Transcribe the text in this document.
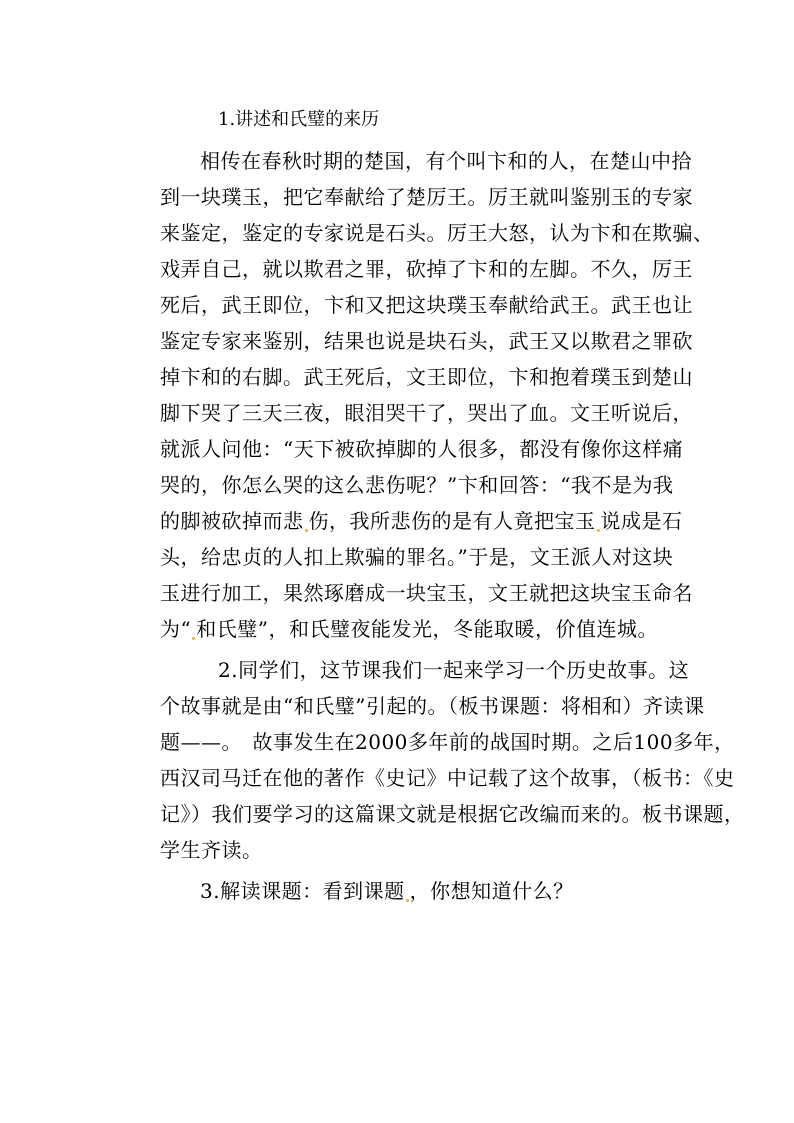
1.讲述和氏璧的来历
相传在春秋时期的楚国，有个叫卞和的人，在楚山中拾
到一块璞玉，把它奉献给了楚厉王。厉王就叫鉴别玉的专家
来鉴定，鉴定的专家说是石头。厉王大怒，认为卞和在欺骗、
戏弄自己，就以欺君之罪，砍掉了卞和的左脚。不久，厉王
死后，武王即位，卞和又把这块璞玉奉献给武王。武王也让
鉴定专家来鉴别，结果也说是块石头，武王又以欺君之罪砍
掉卞和的右脚。武王死后，文王即位，卞和抱着璞玉到楚山
脚下哭了三天三夜，眼泪哭干了，哭出了血。文王听说后，
就派人问他：“天下被砍掉脚的人很多，都没有像你这样痛
哭的，你怎么哭的这么悲伤呢？”卞和回答：“我不是为我
的脚被砍掉而悲 伤，我所悲伤的是有人竟把宝玉 说成是石
头，给忠贞的人扣上欺骗的罪名。”于是，文王派人对这块
玉进行加工，果然琢磨成一块宝玉，文王就把这块宝玉命名
为“ 和氏璧”，和氏璧夜能发光，冬能取暖，价值连城。
2.同学们，这节课我们一起来学习一个历史故事。这
个故事就是由“和氏璧”引起的。（板书课题：将相和）齐读课
题——。　故事发生在2000多年前的战国时期。之后100多年，
西汉司马迁在他的著作《史记》中记载了这个故事，（板书：《史
记》）我们要学习的这篇课文就是根据它改编而来的。板书课题，
学生齐读。
3.解读课题：看到课题 ，你想知道什么？
